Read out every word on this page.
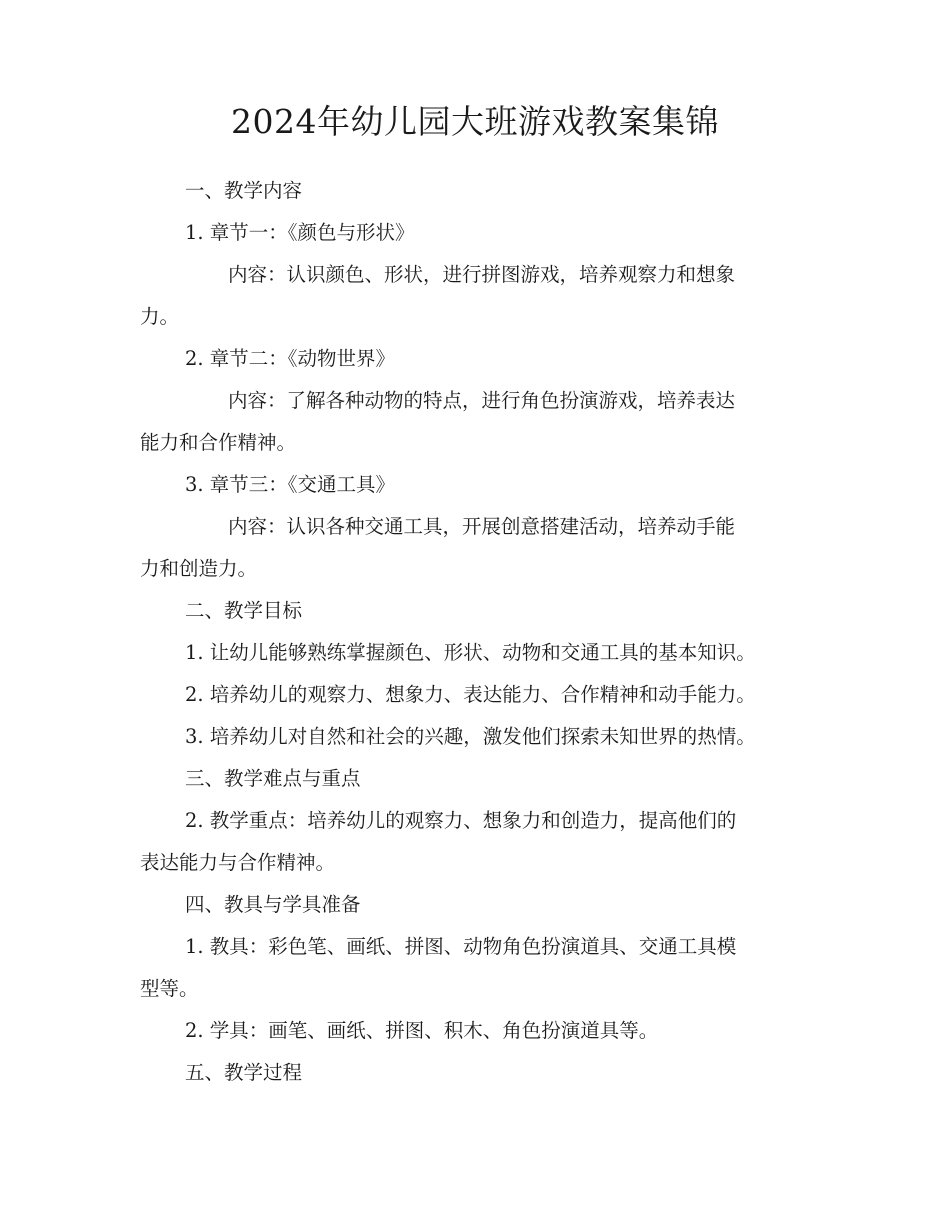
2024年幼儿园大班游戏教案集锦
一、教学内容
1. 章节一：《颜色与形状》
内容：认识颜色、形状，进行拼图游戏，培养观察力和想象
力。
2. 章节二：《动物世界》
内容：了解各种动物的特点，进行角色扮演游戏，培养表达
能力和合作精神。
3. 章节三：《交通工具》
内容：认识各种交通工具，开展创意搭建活动，培养动手能
力和创造力。
二、教学目标
1. 让幼儿能够熟练掌握颜色、形状、动物和交通工具的基本知识。
2. 培养幼儿的观察力、想象力、表达能力、合作精神和动手能力。
3. 培养幼儿对自然和社会的兴趣，激发他们探索未知世界的热情。
三、教学难点与重点
2. 教学重点：培养幼儿的观察力、想象力和创造力，提高他们的
表达能力与合作精神。
四、教具与学具准备
1. 教具：彩色笔、画纸、拼图、动物角色扮演道具、交通工具模
型等。
2. 学具：画笔、画纸、拼图、积木、角色扮演道具等。
五、教学过程
